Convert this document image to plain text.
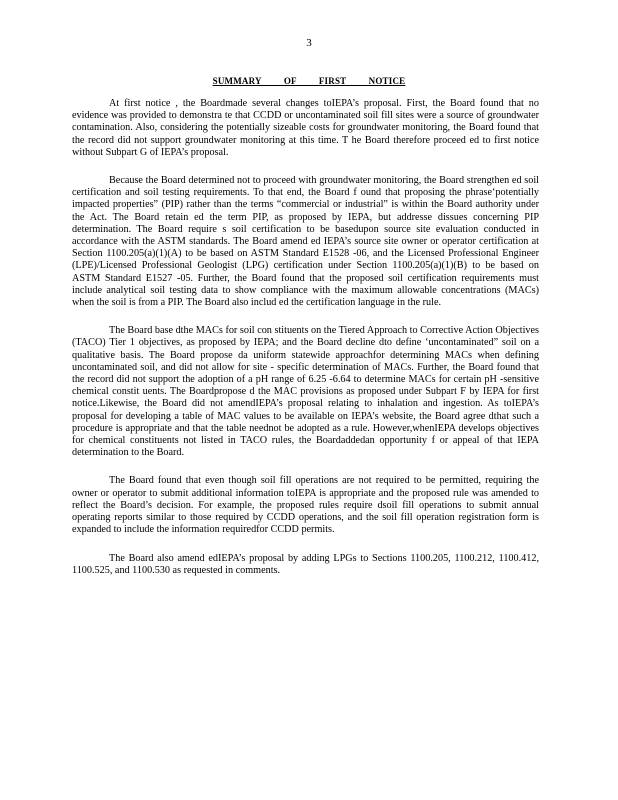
3
SUMMARY OF FIRST NOTICE

At first notice , the Boardmade several changes toIEPA’s proposal. First, the Board found that no evidence was provided to demonstra te that CCDD or uncontaminated soil fill sites were a source of groundwater contamination. Also, considering the potentially sizeable costs for groundwater monitoring, the Board found that the record did not support groundwater monitoring at this time. T he Board therefore proceed ed to first notice without Subpart G of IEPA’s proposal.

Because the Board determined not to proceed with groundwater monitoring, the Board strengthen ed soil certification and soil testing requirements. To that end, the Board f ound that proposing the phrase‘potentially impacted properties” (PIP) rather than the terms “commercial or industrial” is within the Board authority under the Act. The Board retain ed the term PIP, as proposed by IEPA, but addresse dissues concerning PIP determination. The Board require s soil certification to be basedupon source site evaluation conducted in accordance with the ASTM standards. The Board amend ed IEPA’s source site owner or operator certification at Section 1100.205(a)(1)(A) to be based on ASTM Standard E1528 -06, and the Licensed Professional Engineer (LPE)/Licensed Professional Geologist (LPG) certification under Section 1100.205(a)(1)(B) to be based on ASTM Standard E1527 -05. Further, the Board found that the proposed soil certification requirements must include analytical soil testing data to show compliance with the maximum allowable concentrations (MACs) when the soil is from a PIP. The Board also includ ed the certification language in the rule.

The Board base dthe MACs for soil con stituents on the Tiered Approach to Corrective Action Objectives (TACO) Tier 1 objectives, as proposed by IEPA; and the Board decline dto define ‘uncontaminated” soil on a qualitative basis. The Board propose da uniform statewide approachfor determining MACs when defining uncontaminated soil, and did not allow for site - specific determination of MACs. Further, the Board found that the record did not support the adoption of a pH range of 6.25 -6.64 to determine MACs for certain pH -sensitive chemical constit uents. The Boardpropose d the MAC provisions as proposed under Subpart F by IEPA for first notice.Likewise, the Board did not amendIEPA’s proposal relating to inhalation and ingestion. As toIEPA’s proposal for developing a table of MAC values to be available on IEPA’s website, the Board agree dthat such a procedure is appropriate and that the table neednot be adopted as a rule. However,whenIEPA develops objectives for chemical constituents not listed in TACO rules, the Boardaddedan opportunity f or appeal of that IEPA determination to the Board.

The Board found that even though soil fill operations are not required to be permitted, requiring the owner or operator to submit additional information toIEPA is appropriate and the proposed rule was amended to reflect the Board’s decision. For example, the proposed rules require dsoil fill operations to submit annual operating reports similar to those required by CCDD operations, and the soil fill operation registration form is expanded to include the information requiredfor CCDD permits.

The Board also amend edIEPA’s proposal by adding LPGs to Sections 1100.205, 1100.212, 1100.412, 1100.525, and 1100.530 as requested in comments.
